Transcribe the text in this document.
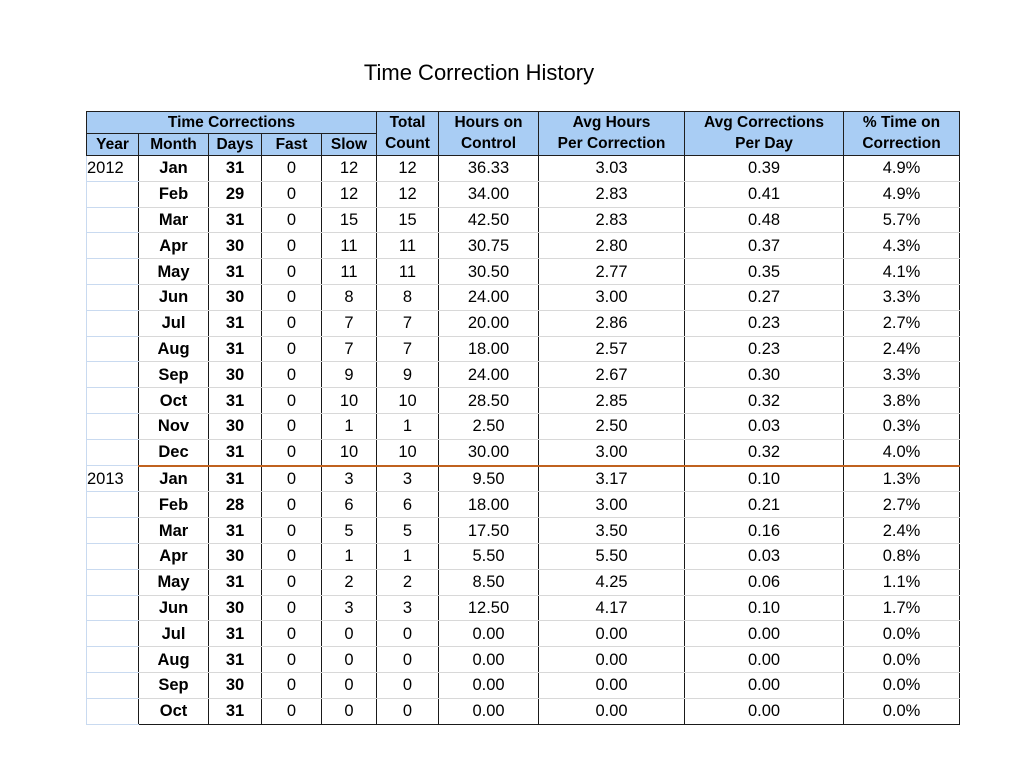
Time Correction History
Time Corrections					Total	Hours on	Avg Hours	Avg Corrections	% Time on
Year	Month	Days	Fast	Slow	Count	Control	Per Correction	Per Day	Correction
2012	Jan	31	0	12	12	36.33	3.03	0.39	4.9%
	Feb	29	0	12	12	34.00	2.83	0.41	4.9%
	Mar	31	0	15	15	42.50	2.83	0.48	5.7%
	Apr	30	0	11	11	30.75	2.80	0.37	4.3%
	May	31	0	11	11	30.50	2.77	0.35	4.1%
	Jun	30	0	8	8	24.00	3.00	0.27	3.3%
	Jul	31	0	7	7	20.00	2.86	0.23	2.7%
	Aug	31	0	7	7	18.00	2.57	0.23	2.4%
	Sep	30	0	9	9	24.00	2.67	0.30	3.3%
	Oct	31	0	10	10	28.50	2.85	0.32	3.8%
	Nov	30	0	1	1	2.50	2.50	0.03	0.3%
	Dec	31	0	10	10	30.00	3.00	0.32	4.0%
2013	Jan	31	0	3	3	9.50	3.17	0.10	1.3%
	Feb	28	0	6	6	18.00	3.00	0.21	2.7%
	Mar	31	0	5	5	17.50	3.50	0.16	2.4%
	Apr	30	0	1	1	5.50	5.50	0.03	0.8%
	May	31	0	2	2	8.50	4.25	0.06	1.1%
	Jun	30	0	3	3	12.50	4.17	0.10	1.7%
	Jul	31	0	0	0	0.00	0.00	0.00	0.0%
	Aug	31	0	0	0	0.00	0.00	0.00	0.0%
	Sep	30	0	0	0	0.00	0.00	0.00	0.0%
	Oct	31	0	0	0	0.00	0.00	0.00	0.0%
